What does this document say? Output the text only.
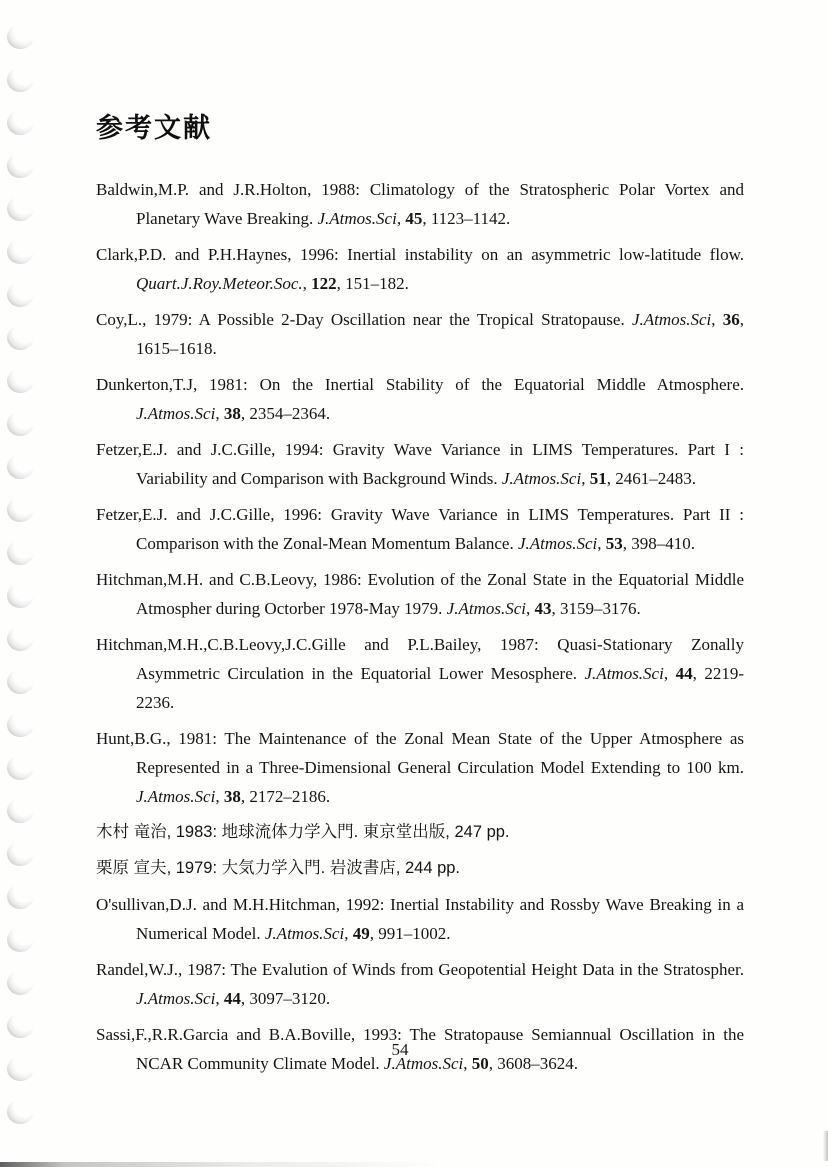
参考文献

Baldwin,M.P. and J.R.Holton, 1988: Climatology of the Stratospheric Polar Vortex and Planetary Wave Breaking. J.Atmos.Sci, 45, 1123–1142.

Clark,P.D. and P.H.Haynes, 1996: Inertial instability on an asymmetric low-latitude flow. Quart.J.Roy.Meteor.Soc., 122, 151–182.

Coy,L., 1979: A Possible 2-Day Oscillation near the Tropical Stratopause. J.Atmos.Sci, 36, 1615–1618.

Dunkerton,T.J, 1981: On the Inertial Stability of the Equatorial Middle Atmosphere. J.Atmos.Sci, 38, 2354–2364.

Fetzer,E.J. and J.C.Gille, 1994: Gravity Wave Variance in LIMS Temperatures. Part I : Variability and Comparison with Background Winds. J.Atmos.Sci, 51, 2461–2483.

Fetzer,E.J. and J.C.Gille, 1996: Gravity Wave Variance in LIMS Temperatures. Part II : Comparison with the Zonal-Mean Momentum Balance. J.Atmos.Sci, 53, 398–410.

Hitchman,M.H. and C.B.Leovy, 1986: Evolution of the Zonal State in the Equatorial Middle Atmospher during Octorber 1978-May 1979. J.Atmos.Sci, 43, 3159–3176.

Hitchman,M.H.,C.B.Leovy,J.C.Gille and P.L.Bailey, 1987: Quasi-Stationary Zonally Asymmetric Circulation in the Equatorial Lower Mesosphere. J.Atmos.Sci, 44, 2219-2236.

Hunt,B.G., 1981: The Maintenance of the Zonal Mean State of the Upper Atmosphere as Represented in a Three-Dimensional General Circulation Model Extending to 100 km. J.Atmos.Sci, 38, 2172–2186.

木村 竜治, 1983: 地球流体力学入門. 東京堂出版, 247 pp.

栗原 宣夫, 1979: 大気力学入門. 岩波書店, 244 pp.

O'sullivan,D.J. and M.H.Hitchman, 1992: Inertial Instability and Rossby Wave Breaking in a Numerical Model. J.Atmos.Sci, 49, 991–1002.

Randel,W.J., 1987: The Evalution of Winds from Geopotential Height Data in the Stratospher. J.Atmos.Sci, 44, 3097–3120.

Sassi,F.,R.R.Garcia and B.A.Boville, 1993: The Stratopause Semiannual Oscillation in the NCAR Community Climate Model. J.Atmos.Sci, 50, 3608–3624.

54
